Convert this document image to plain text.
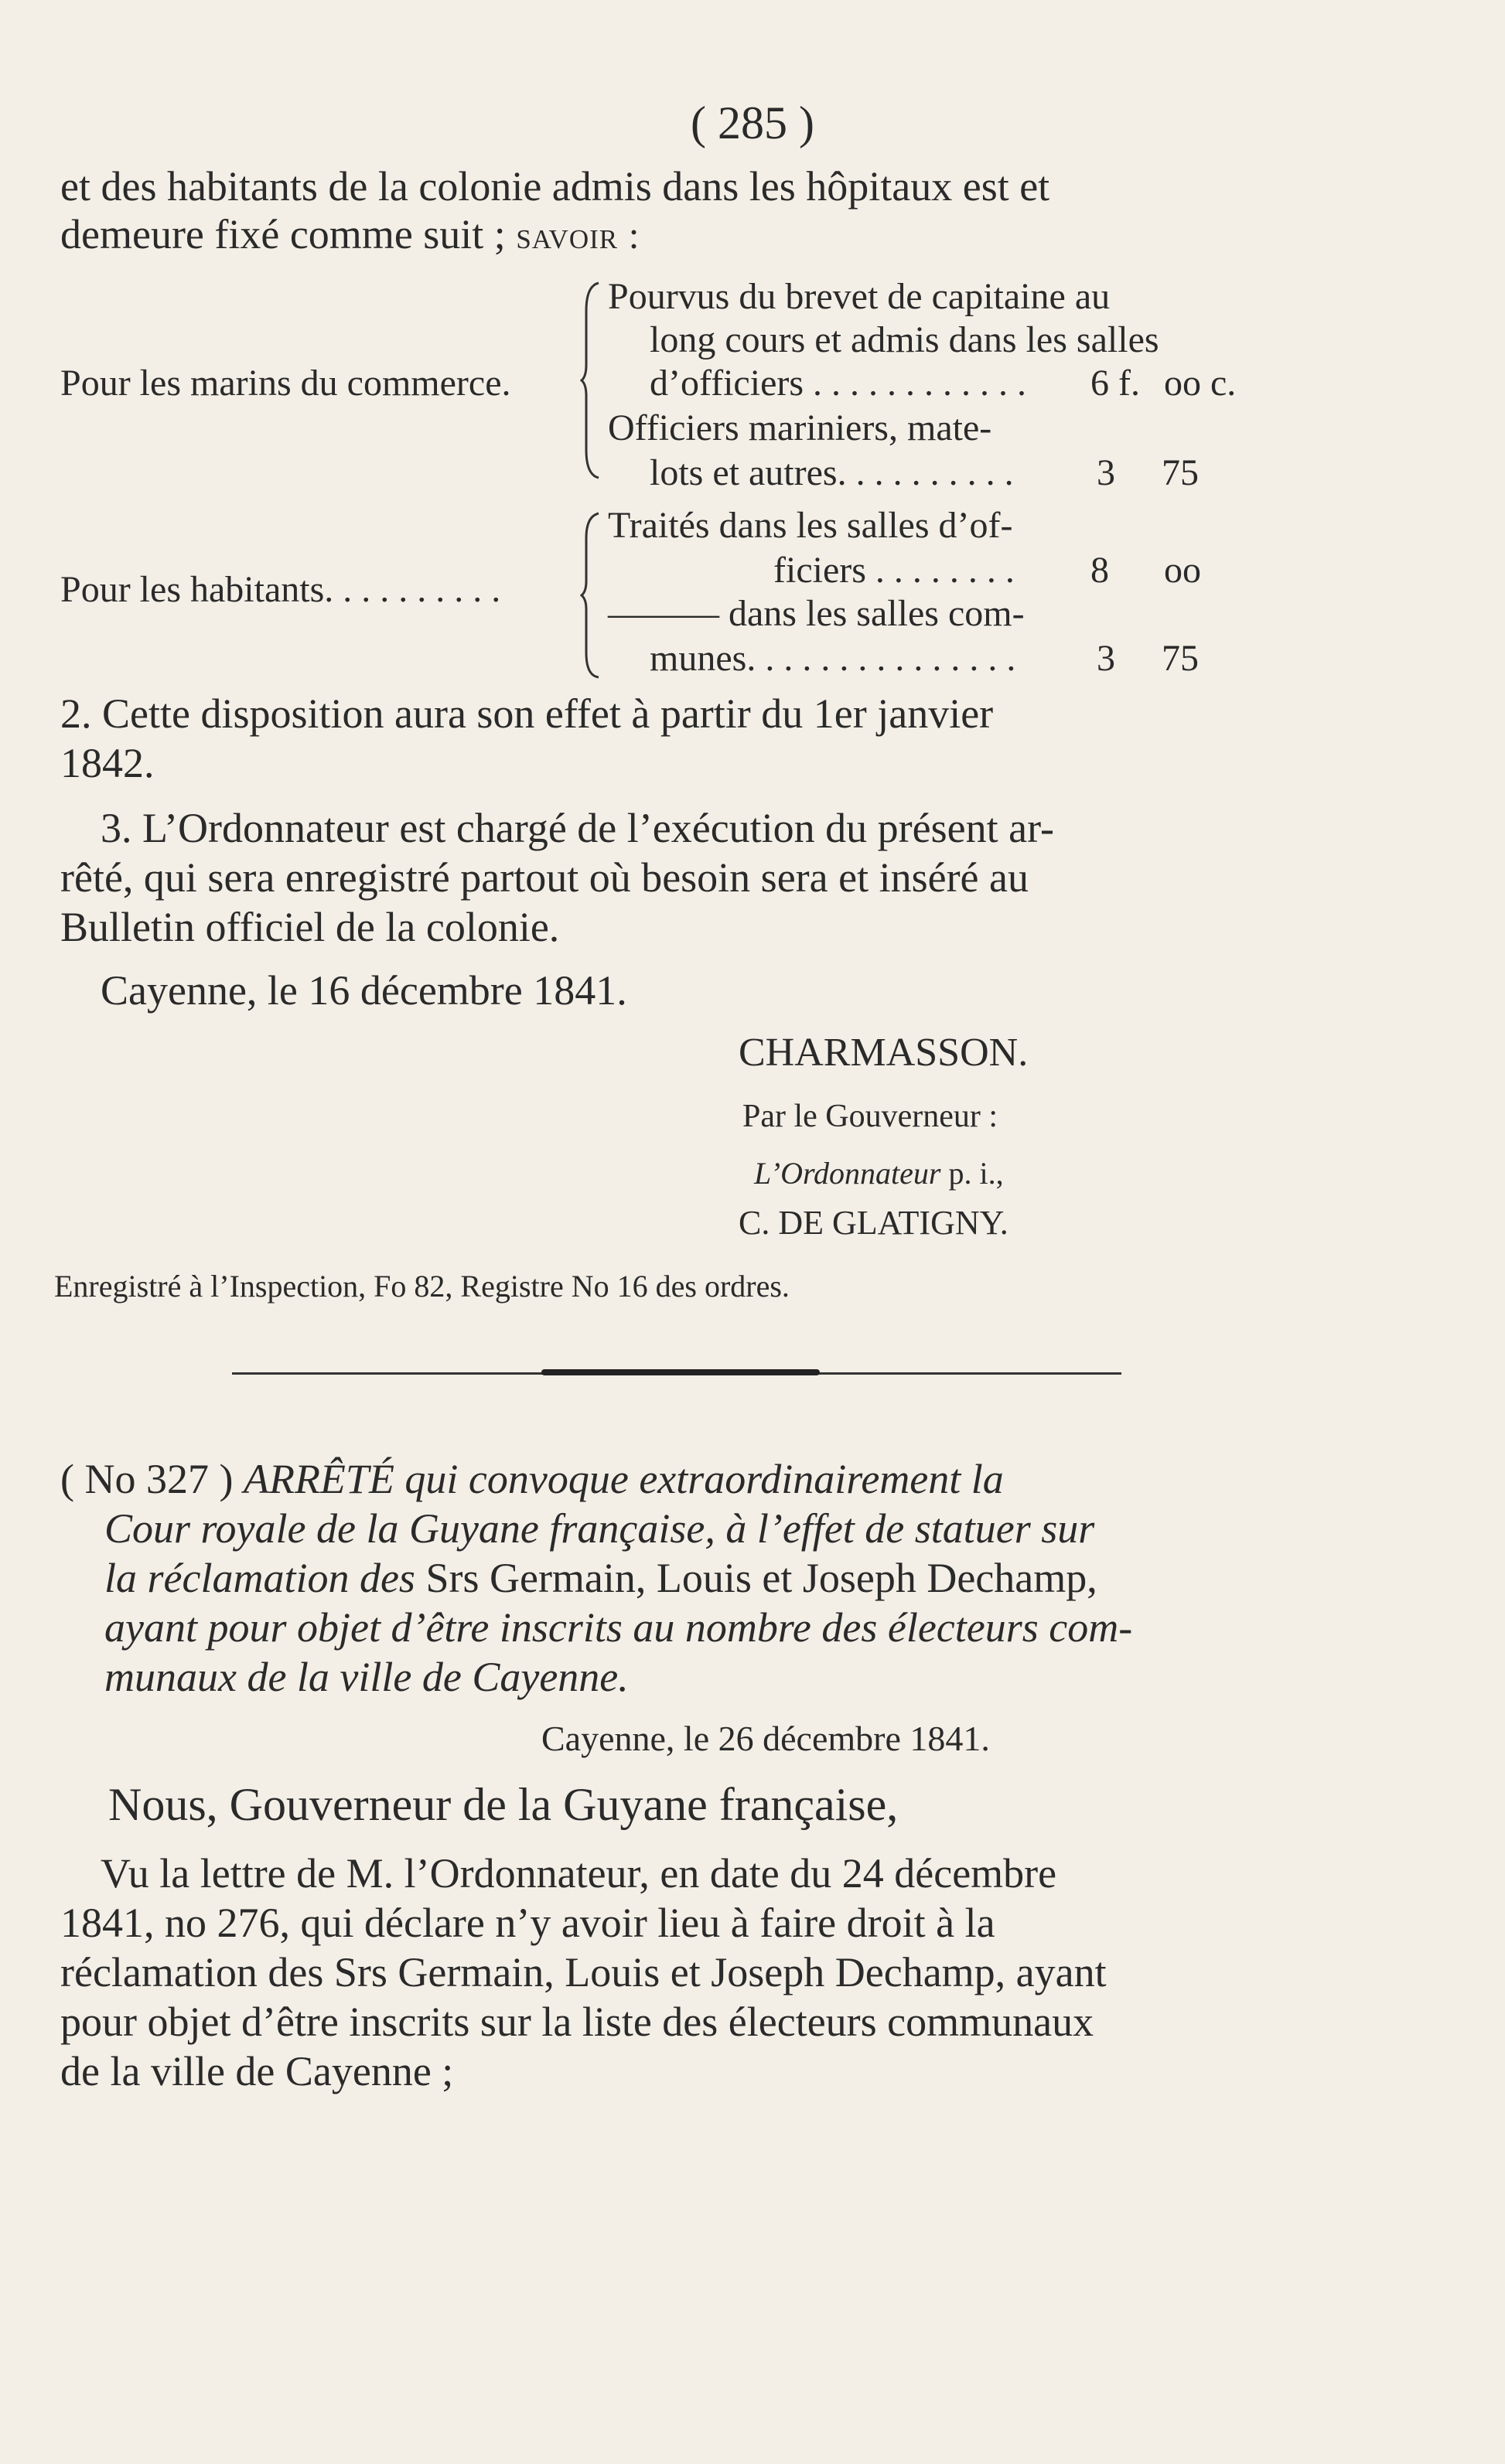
( 285 )
et des habitants de la colonie admis dans les hôpitaux est et
demeure fixé comme suit ; savoir :
Pour les marins du commerce.
Pourvus du brevet de capitaine au
long cours et admis dans les salles
d’officiers . . . . . . . . . . . . 6 f. oo c.
Officiers mariniers, mate-
lots et autres. . . . . . . . . . 3 75
Pour les habitants. . . . . . . . . .
Traités dans les salles d’of-
ficiers . . . . . . . . 8 oo
——— dans les salles com-
munes. . . . . . . . . . . . . . . 3 75
2. Cette disposition aura son effet à partir du 1er janvier
1842.
3. L’Ordonnateur est chargé de l’exécution du présent ar-
rêté, qui sera enregistré partout où besoin sera et inséré au
Bulletin officiel de la colonie.
Cayenne, le 16 décembre 1841.
CHARMASSON.
Par le Gouverneur :
L’Ordonnateur p. i.,
C. DE GLATIGNY.
Enregistré à l’Inspection, Fo 82, Registre No 16 des ordres.
( No 327 ) ARRÊTÉ qui convoque extraordinairement la
Cour royale de la Guyane française, à l’effet de statuer sur
la réclamation des Srs Germain, Louis et Joseph Dechamp,
ayant pour objet d’être inscrits au nombre des électeurs com-
munaux de la ville de Cayenne.
Cayenne, le 26 décembre 1841.
Nous, Gouverneur de la Guyane française,
Vu la lettre de M. l’Ordonnateur, en date du 24 décembre
1841, no 276, qui déclare n’y avoir lieu à faire droit à la
réclamation des Srs Germain, Louis et Joseph Dechamp, ayant
pour objet d’être inscrits sur la liste des électeurs communaux
de la ville de Cayenne ;
